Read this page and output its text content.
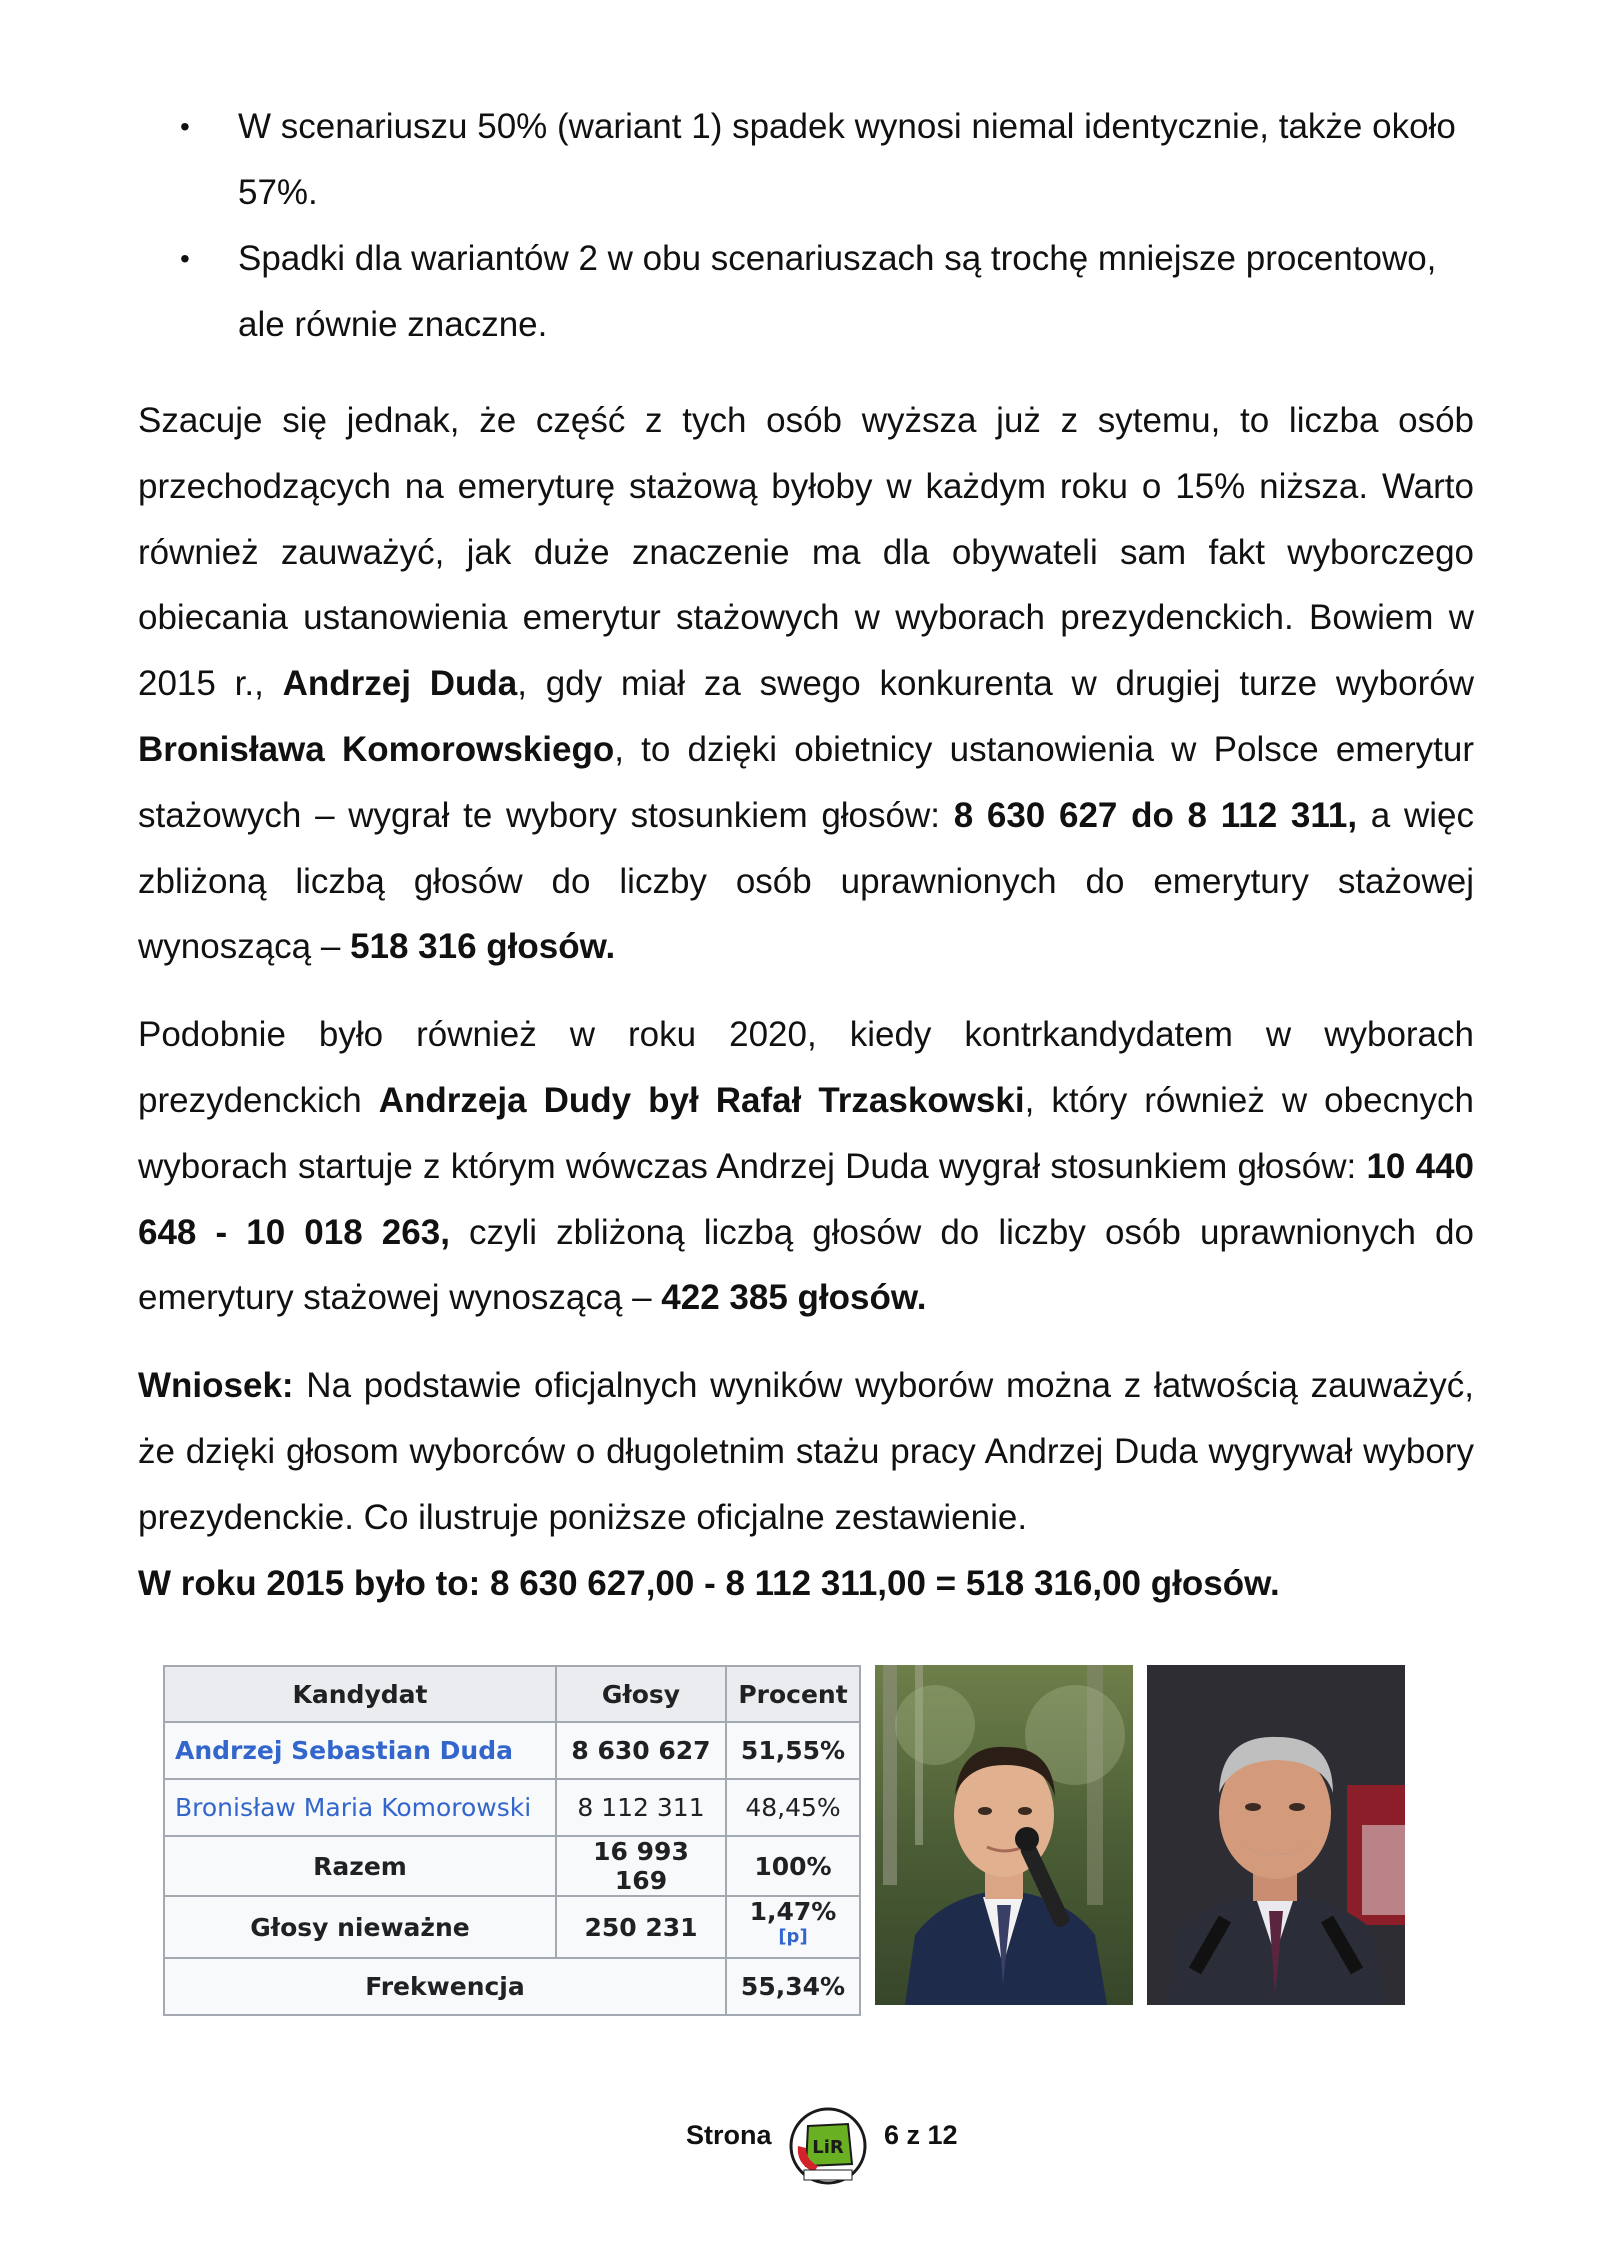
• W scenariuszu 50% (wariant 1) spadek wynosi niemal identycznie, także około 57%.
• Spadki dla wariantów 2 w obu scenariuszach są trochę mniejsze procentowo, ale równie znaczne.

Szacuje się jednak, że część z tych osób wyższa już z sytemu, to liczba osób przechodzących na emeryturę stażową byłoby w każdym roku o 15% niższa. Warto również zauważyć, jak duże znaczenie ma dla obywateli sam fakt wyborczego obiecania ustanowienia emerytur stażowych w wyborach prezydenckich. Bowiem w 2015 r., Andrzej Duda, gdy miał za swego konkurenta w drugiej turze wyborów Bronisława Komorowskiego, to dzięki obietnicy ustanowienia w Polsce emerytur stażowych – wygrał te wybory stosunkiem głosów: 8 630 627 do 8 112 311, a więc zbliżoną liczbą głosów do liczby osób uprawnionych do emerytury stażowej wynoszącą – 518 316 głosów.

Podobnie było również w roku 2020, kiedy kontrkandydatem w wyborach prezydenckich Andrzeja Dudy był Rafał Trzaskowski, który również w obecnych wyborach startuje z którym wówczas Andrzej Duda wygrał stosunkiem głosów: 10 440 648 - 10 018 263, czyli zbliżoną liczbą głosów do liczby osób uprawnionych do emerytury stażowej wynoszącą – 422 385 głosów.

Wniosek: Na podstawie oficjalnych wyników wyborów można z łatwością zauważyć, że dzięki głosom wyborców o długoletnim stażu pracy Andrzej Duda wygrywał wybory prezydenckie. Co ilustruje poniższe oficjalne zestawienie.

W roku 2015 było to: 8 630 627,00 - 8 112 311,00 = 518 316,00 głosów.

Kandydat	Głosy	Procent
Andrzej Sebastian Duda	8 630 627	51,55%
Bronisław Maria Komorowski	8 112 311	48,45%
Razem	16 993 169	100%
Głosy nieważne	250 231	1,47%[p]
Frekwencja		55,34%
Strona LiR 6 z 12
